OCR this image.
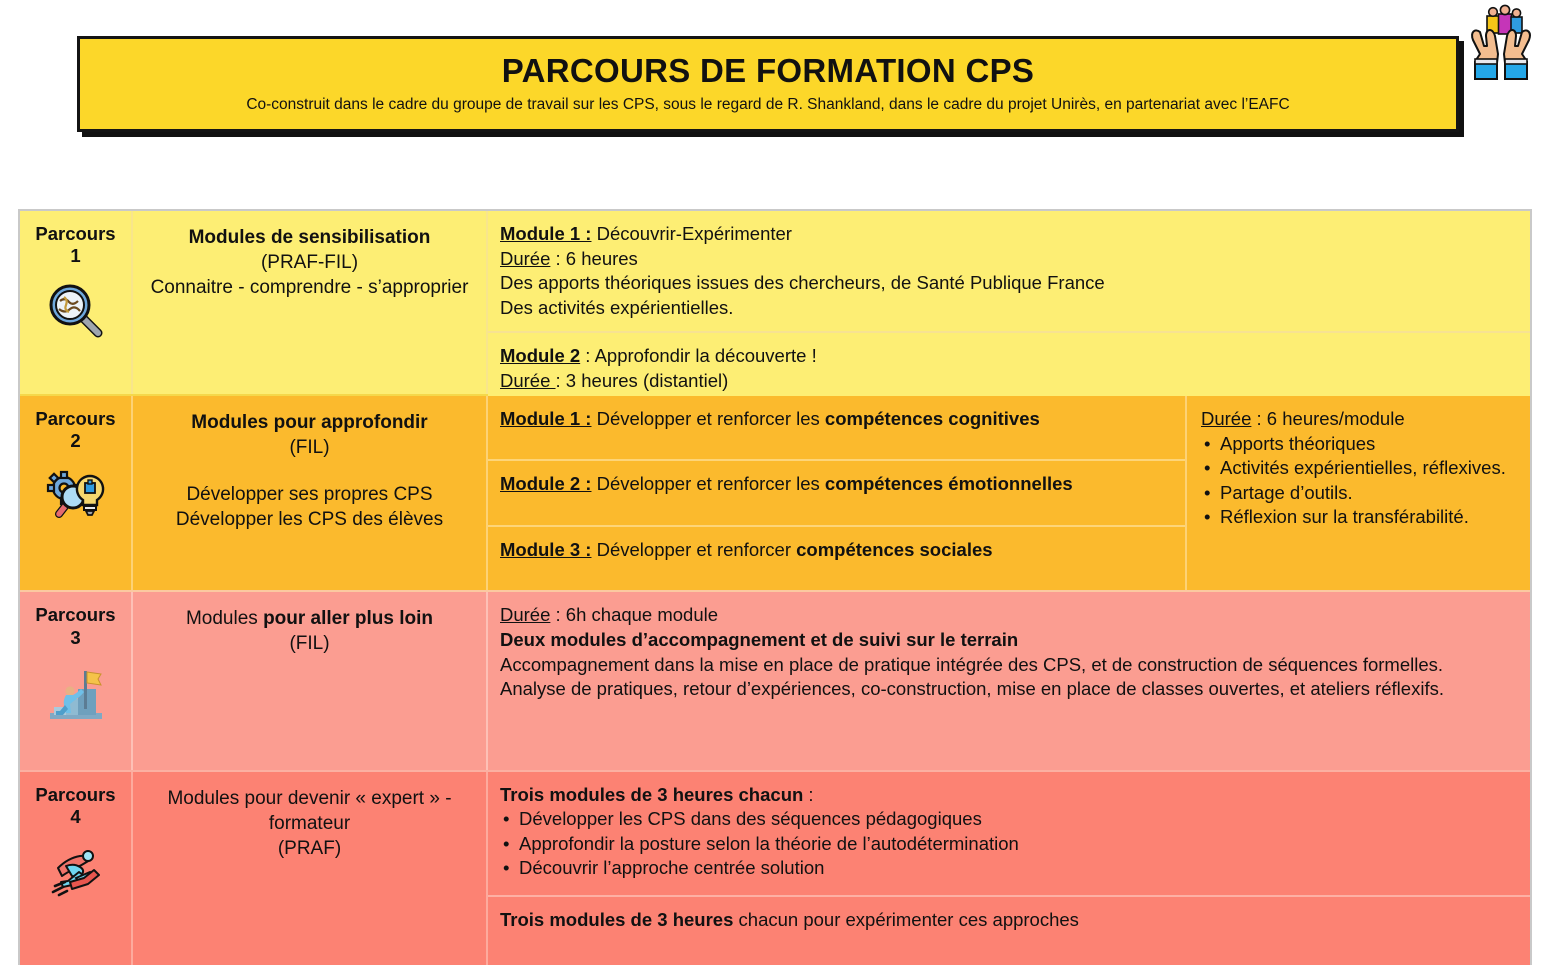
PARCOURS DE FORMATION CPS
Co-construit dans le cadre du groupe de travail sur les CPS, sous le regard de R. Shankland, dans le cadre du projet Unirès, en partenariat avec l’EAFC
Parcours
1
Modules de sensibilisation
(PRAF-FIL)
Connaitre - comprendre - s’approprier
Module 1 : Découvrir-Expérimenter
Durée : 6 heures
Des apports théoriques issues des chercheurs, de Santé Publique France
Des activités expérientielles.
Module 2 : Approfondir la découverte !
Durée : 3 heures (distantiel)
Parcours
2
Modules pour approfondir
(FIL)
Développer ses propres CPS
Développer les CPS des élèves
Module 1 : Développer et renforcer les compétences cognitives
Module 2 : Développer et renforcer les compétences émotionnelles
Module 3 : Développer et renforcer compétences sociales
Durée : 6 heures/module
• Apports théoriques
• Activités expérientielles, réflexives.
• Partage d’outils.
• Réflexion sur la transférabilité.
Parcours
3
Modules pour aller plus loin
(FIL)
Durée : 6h chaque module
Deux modules d’accompagnement et de suivi sur le terrain
Accompagnement dans la mise en place de pratique intégrée des CPS, et de construction de séquences formelles.
Analyse de pratiques, retour d’expériences, co-construction, mise en place de classes ouvertes, et ateliers réflexifs.
Parcours
4
Modules pour devenir « expert » - formateur
(PRAF)
Trois modules de 3 heures chacun :
• Développer les CPS dans des séquences pédagogiques
• Approfondir la posture selon la théorie de l’autodétermination
• Découvrir l’approche centrée solution
Trois modules de 3 heures chacun pour expérimenter ces approches
